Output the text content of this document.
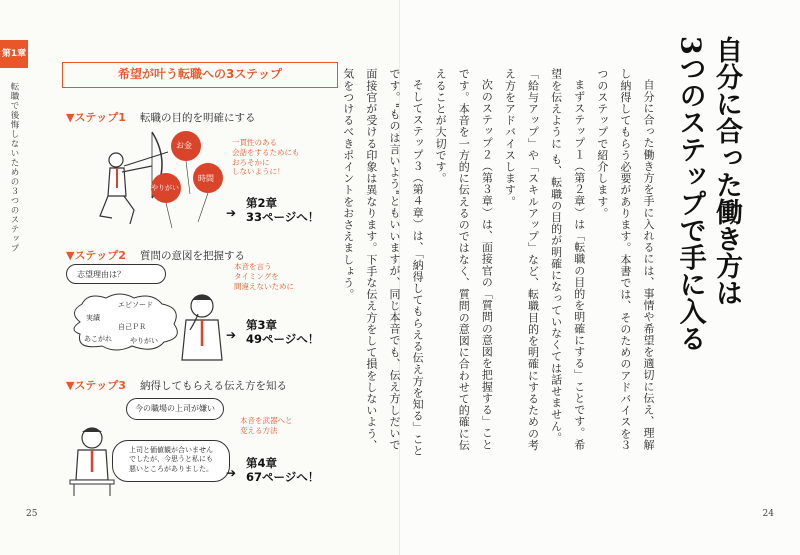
第1章
転職で後悔しないための３つのステップ
希望が叶う転職への3ステップ
▼ステップ1 転職の目的を明確にする
お金
時間
やりがい
一貫性のある
会話をするためにも
おろそかに
しないように！
➔
第2章
33ページへ！
▼ステップ2 質問の意図を把握する
志望理由は？
エピソード
実績
自己ＰＲ
あこがれ	やりがい
本音を言う
タイミングを
間違えないために
➔
第3章
49ページへ！
▼ステップ3 納得してもらえる伝え方を知る
今の職場の上司が嫌い
上司と価値観が合いません
でしたが、今思うと私にも
悪いところがありました。
本音を武器へと
変える方法
➔
第4章
67ページへ！
25
自分に合った働き方は
3つのステップで手に入る

自分に合った働き方を手に入れるには、事情や希望を適切に伝え、理解し納得してもらう必要があります。本書では、そのためのアドバイスを３つのステップで紹介します。

まずステップ１（第２章）は「転職の目的を明確にする」ことです。希望を伝えように も、転職の目的が明確になっていなくては話せません。「給与アップ」や「スキルアップ」など、転職目的を明確にするための考え方をアドバイスします。

次のステップ２（第３章）は、面接官の「質問の意図を把握する」ことです。本音を一方的に伝えるのではなく、質問の意図に合わせて的確に伝えることが大切です。

そしてステップ３（第４章）は、「納得してもらえる伝え方を知る」ことです。"ものは言いよう"ともいいますが、同じ本音でも、伝え方しだいで面接官が受ける印象は異なります。下手な伝え方をして損をしないよう、気をつけるべきポイントをおさえましょう。

24
